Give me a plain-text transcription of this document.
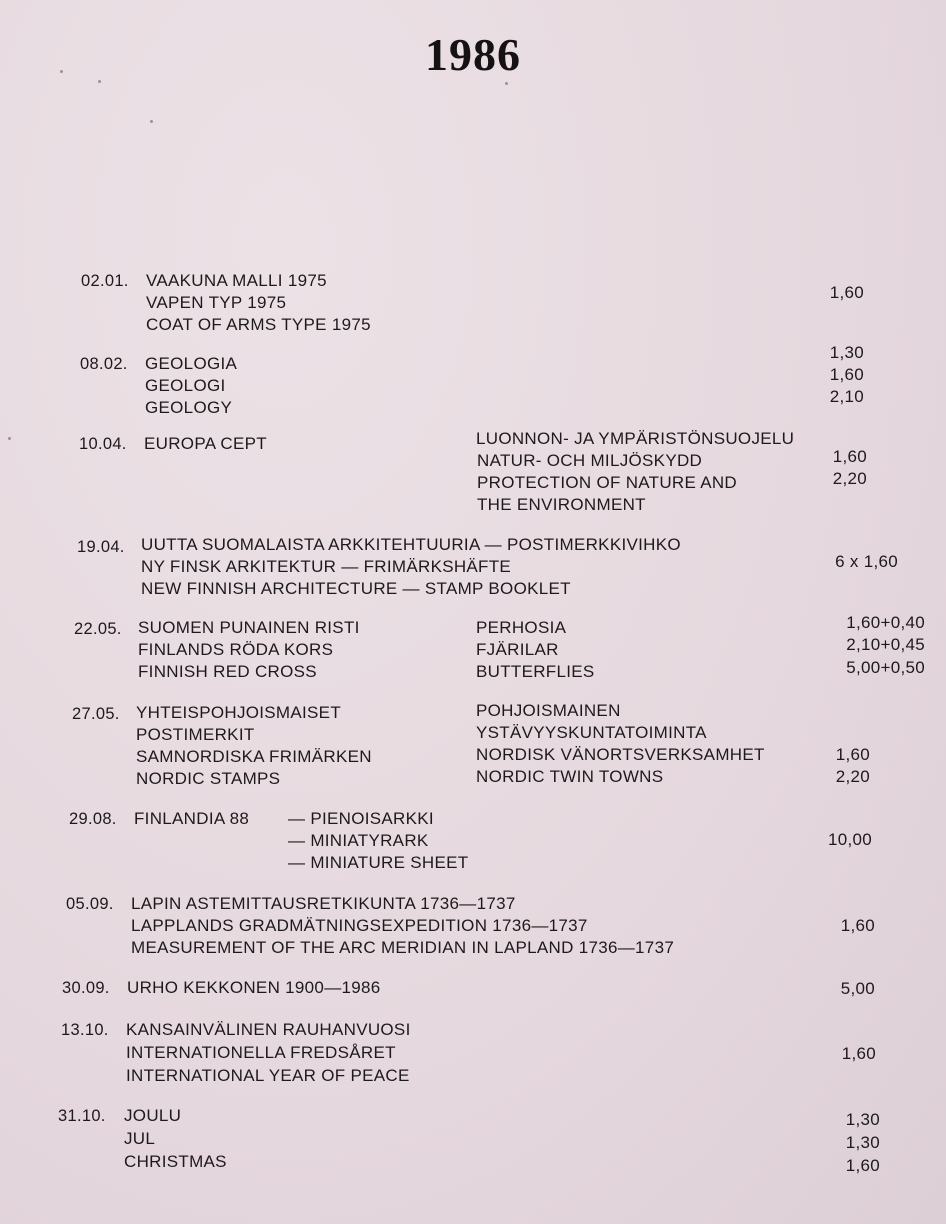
1986
02.01. VAAKUNA MALLI 1975
VAPEN TYP 1975
COAT OF ARMS TYPE 1975
1,60
08.02. GEOLOGIA
GEOLOGI
GEOLOGY
1,30
1,60
2,10
10.04. EUROPA CEPT	LUONNON- JA YMPÄRISTÖNSUOJELU
NATUR- OCH MILJÖSKYDD
PROTECTION OF NATURE AND
THE ENVIRONMENT
1,60
2,20
19.04. UUTTA SUOMALAISTA ARKKITEHTUURIA — POSTIMERKKIVIHKO
NY FINSK ARKITEKTUR — FRIMÄRKSHÄFTE
NEW FINNISH ARCHITECTURE — STAMP BOOKLET
6 x 1,60
22.05. SUOMEN PUNAINEN RISTI
FINLANDS RÖDA KORS
FINNISH RED CROSS
PERHOSIA
FJÄRILAR
BUTTERFLIES
1,60+0,40
2,10+0,45
5,00+0,50
27.05. YHTEISPOHJOISMAISET
POSTIMERKIT
SAMNORDISKA FRIMÄRKEN
NORDIC STAMPS
POHJOISMAINEN
YSTÄVYYSKUNTATOIMINTA
NORDISK VÄNORTSVERKSAMHET
NORDIC TWIN TOWNS
1,60
2,20
29.08. FINLANDIA 88 — PIENOISARKKI
— MINIATYRARK
— MINIATURE SHEET
10,00
05.09. LAPIN ASTEMITTAUSRETKIKUNTA 1736—1737
LAPPLANDS GRADMÄTNINGSEXPEDITION 1736—1737
MEASUREMENT OF THE ARC MERIDIAN IN LAPLAND 1736—1737
1,60
30.09. URHO KEKKONEN 1900—1986	5,00
13.10. KANSAINVÄLINEN RAUHANVUOSI
INTERNATIONELLA FREDSÅRET
INTERNATIONAL YEAR OF PEACE
1,60
31.10. JOULU
JUL
CHRISTMAS
1,30
1,30
1,60
